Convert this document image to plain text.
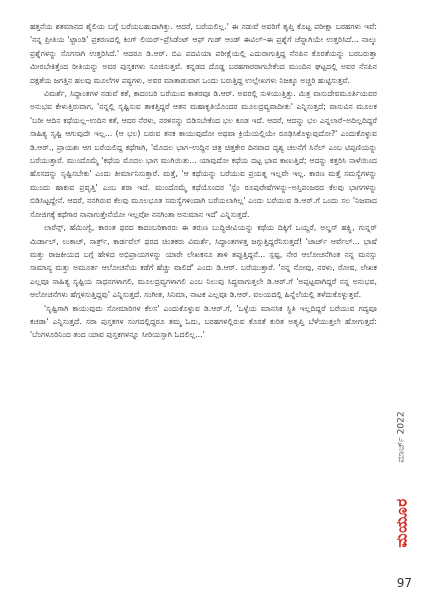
ಹತ್ತನೆಯ ಶತಮಾನದ ಶೈಲಿಯ ಬಗ್ಗೆ ಬರೆಯಬಹುದಾಗಿತ್ತು. ಆದರೆ, ಬರೆಯಲಿಲ್ಲ.' ಈ ನಡುವೆ ಅವರಿಗೆ ತೃಪ್ತಿ ಕೊಟ್ಟ ಪರೀಕ್ಷಾ ಬರಹಗಳು ಇವೆ: 'ನನ್ನ ಪ್ರೀತಿಯ 'ಟ್ಟಾಂಡಿ' ಪ್ರಕರಣದಲ್ಲಿ ಕಿಂಗ್ ಲಿಯರ್–ಪ್ರೆಸಿಡೆಂಟ್ ಆಫ್ ಗುಡ್ ಆಂಡ್ ಈವಿಲ್–ಈ ಪ್ರಶ್ನೆಗೆ ಚೆನ್ನಾಗಿಯೇ ಉತ್ತರಿಸಿದೆ... ನಾಲ್ಕು ಪ್ರಶ್ನೆಗಳನ್ನು ಸೊಗಸಾಗಿ ಉತ್ತರಿಸಿದೆ.' ಆದರೂ ಡಿ.ಆರ್. ಬಿಎ ಪದವಿಯಾ ಪರೀಕ್ಷೆಯಲ್ಲಿ ಎದುರಾಗುತ್ತಿದ್ದ ನೆನಪಿನ ಕೊರತೆಯನ್ನು ಬರಬರುತ್ತಾ ಮೀರಬೇಕಿತ್ತೆಂದ ರೀತಿಯನ್ನು ಅವರ ಪುಸ್ತಕಗಳು ಸೂಚಿಸುತ್ತವೆ. ಕನ್ನಡದ ದೊಡ್ಡ ಬರಹಗಾರರಾಗಬೇಕೆಂದ ಮುಂದಿನ ಘಟ್ಟದಲ್ಲಿ ಅವರ ನೆನಪಿನ ದಕ್ಷತೆಯ ಜಗತ್ತಿನ ಹಲವು ಮೂಲೆಗಳ ಪಠ್ಯಗಳು, ಅವರ ಮಾತಾಡುವಾಗ ಒಂದು ಬರುತ್ತಿದ್ದ ಉಲ್ಲೇಖಗಳು ನಿಜಕ್ಕೂ ಅಚ್ಚರಿ ಹುಟ್ಟಿಸುತ್ತವೆ.

ವಿಮರ್ಶೆ, ಸಿದ್ಧಾಂತಗಳ ನಡುವೆ ಕತೆ, ಕಾದಂಬರಿ ಬರೆಯುವ ಕಾತರವೂ ಡಿ.ಆರ್. ಅವರಲ್ಲಿ ಸುಳಿಯುತ್ತಿತ್ತು. ಮಿತ್ರ ವಾಸುದೇವಮೂರ್ತಿಯವರ ಅನುಭವ ಕೇಳುತ್ತಿರುವಾಗ, 'ನನ್ನಲ್ಲಿ ಸೃಷ್ಟಿಸುವ ತಾಕತ್ತಿದ್ದರೆ ಆತನ ಮಹಾಕೃತಿಯೊಂದರ ಮೂಲದ್ರವ್ಯವಾದೀತು' ಎನ್ನಿಸುತ್ತದೆ; ವಾಸುವಿನ ಮೂಲಕ 'ಬರೀ ಆದಿನ ಕಥೆಯಲ್ಲ–ಉದಿನ ಕತೆ, ಆದರ ನೆರಳು, ನರಳಿನನ್ನು ಬಿಡಿಸಬೇಕೆಂದ ಭಲ ಕೂಡ ಇದೆ. ಆದರೆ, ಆದನ್ನು ಭಲ ಎನ್ನಲಾರೆ–ಅದಿಲ್ಲದಿದ್ದರೆ ಸಾಹಿತ್ಯ ಸೃಷ್ಟಿ ಆಗುವುದೇ ಇಲ್ಲ... (ಆ ಭಲ) ಬರುವ ತನಕ ಕಾಯುವುದೋ ಅಥವಾ ಕ್ರಿಯೆಯಲ್ಲಿಯೇ ರೂಢಿಸಿಕೊಳ್ಳುವುದೋ?' ಎಂದುಕೊಳ್ಳುವ ಡಿ.ಆರ್., ಪ್ರಾಯಶಃ ಆಗ ಬರೆಯಲಿದ್ದ ಕಥೆಗಾಗಿ, 'ಮೊದಲ ಭಾಗ–ಉದ್ದಿನ ಚಿತ್ರ ಚಿತ್ತಕೇರ ದಿನವಾದ ದೃಶ್ಯ ಚಲನೆಗೆ ಸಿನೆಲ್ ಎಂಬ ಟಿಪ್ಪಣಿಯನ್ನು ಬರೆಯುತ್ತಾರೆ. ಮುಂದೊಮ್ಮೆ 'ಕಥೆಯ ಮೊದಲ ಭಾಗ ಮುಗಿಯಿತು... ಯಾವುದೋ ಕಥೆಯ ದಟ್ಟ ಭಾವ ಕಾಣುತ್ತಿದೆ; ಆದನ್ನು ಕತ್ತರಿಸಿ ನಾಳೆಯಿಂದ ಹೊಸದನ್ನು ಸೃಷ್ಟಿಸಬೇಕು' ಎಂದು ತೀರ್ಮಾನಿಸುತ್ತಾರೆ. ಮತ್ತೆ, 'ಆ ಕಥೆಯನ್ನು ಬರೆಯುವ ಪ್ರಯತ್ನ ಇಲ್ಲವೇ ಇಲ್ಲ. ಕಾರಣ ಮತ್ತೆ ಸಮಸ್ಯೆಗಳನ್ನು ಮುಂದು ಹಾಕುವ ಪ್ರವೃತ್ತಿ' ಎಂಬ ಶರಾ ಇದೆ. ಮುಂದೊಮ್ಮೆ ಕಥೆಯೊಂದರ 'ಸ್ಪೆಂ ರೂಪುರೇಷೆಗಳನ್ನು–ಅಸ್ತಿಪಂಜರದ ಕೆಲವು ಭಾಗಗಳನ್ನು ಬಿಡಿಸಿಟ್ಟದ್ದೇನೆ. ಆದರೆ, ನನಗಿರುವ ಕೆಲವು ಮೂಲಭೂತ ಸಮಸ್ಯೆಗಳಿಂದಾಗಿ ಬರೆಯಲಾಗಿಲ್ಲ' ಎಂದು ಬರೆಯುವ ಡಿ.ಆರ್.ಗೆ ಒಂದು ಸಲ 'ನಿಜವಾದ ಸೋಜಿಗಕ್ಕೆ ಕಥೆಗಾರ ನಾನಾಗುತ್ತೇನೆಯೋ ಇಲ್ಲವೋ ನನಗಿಂತಾ ಅನುಮಾನ ಇದೆ' ಎನ್ನಿಸುತ್ತದೆ.

ಲಾರೆನ್ಸ್, ಹೆಮಿಂಗ್ವೆ, ಕಾರಂತ ಥರದ ಕಾದಂಬರಿಕಾರರು ಈ ತರುಣ ಬುದ್ಧಿಜೀವಿಯನ್ನು ಕಥೆಯ ದಿಕ್ಕಿಗೆ ಒಯ್ದರೆ, ಅಲ್ಡಸ್ ಹಕ್ಸ್ಲಿ, ಗುನ್ನರ್ ಮಿರ್ಡಾಲ್, ಲುಕಾಚ್, ಸಾರ್ತ್ರ್, ಕಾರ್ಡವೆಲ್ ಥರದ ಚಿಂತಕರು ವಿಮರ್ಶೆ, ಸಿದ್ಧಾಂತಗಳತ್ತ ಜಗ್ಗುತ್ತಿದ್ದರೆನಿಸುತ್ತದೆ! 'ಜಾರ್ಜ್ ಆರ್ವೆಲ್... ಭಾಷೆ ಮತ್ತು ರಾಜಕೀಯದ ಬಗ್ಗೆ ಹೇಳಿದ ಅಭಿಪ್ರಾಯಗಳನ್ನು ಯಾರೇ ಲೇಖಕನೂ ತಾಳಿ ತಪ್ಪುತ್ತಿದ್ದನೆ... ಸ್ಪಷ್ಟ, ನೇರ ಆಲೋಚನೆಗಿಂತ ನನ್ನ ಮನಸ್ಸು ಸಾಮಾನ್ಯ ಮತ್ತು ಅಮೂರ್ತ ಆಲೋಚನೆಯ ಕಡೆಗೆ ಹೆಚ್ಚು ವಾಲಿದೆ' ಎಂದು ಡಿ.ಆರ್. ಬರೆಯುತ್ತಾರೆ. 'ನನ್ನ ನೋವು, ನರಳು, ರೋಷ, ಲೇಖಕ ಎಲ್ಲವೂ ಸಾಹಿತ್ಯ ಸೃಷ್ಟಿಯ ಸಾಧನಗಳಾಗಲಿ, ಮೂಲದ್ರವ್ಯಗಳಾಗಲಿ ಎಂಬ ನಿಲುವು ಸಿದ್ಧವಾಗುತ್ತಲೇ ಡಿ.ಆರ್.ಗೆ 'ಅಪ್ಪಟ್ಟವಾಗಿದ್ದರೆ ನನ್ನ ಅನುಭವ, ಆಲೋಚನೆಗಳು ಹೆಗ್ಗಳಿಸುತ್ತಿದ್ದವು' ಎನ್ನಿಸುತ್ತದೆ. ಸಂಗೀತ, ಸಿನಿಮಾ, ನಾಟಕ ಎಲ್ಲವೂ ಡಿ.ಆರ್. ವಲಯದಲ್ಲಿ ಹಿನ್ನೆಲೆಯಲ್ಲಿ ತಳೆದುಕೊಳ್ಳುತ್ತವೆ.

'ಸೃಷ್ಟಿಗಾಗಿ ಕಾಯುವುದು ಸೋಮಾರಿಗಳ ಕೆಲಸ' ಎಂದುಕೊಳ್ಳುವ ಡಿ.ಆರ್.ಗೆ, 'ಒಳ್ಳೆಯ ಮಾನಸಿಕ ಸ್ಥಿತಿ ಇಲ್ಲದಿದ್ದರೆ ಬರೆಯುವ ಗದ್ಯವೂ ಕಚಡಾ' ಎನ್ನಿಸುತ್ತದೆ. ಸರಾ ಪುಸ್ತಕಗಳ ಸಂಗದಲ್ಲಿದ್ದರೂ ತಮ್ಮ ಓದು, ಬರಹಗಳಲ್ಲಿರುವ ಕೊರತೆ ಕುರಿತ ಅತೃಪ್ತಿ ಬೆಳೆಯುತ್ತಲೇ ಹೋಗುತ್ತದೆ: 'ಬೆಂಗಳೂರಿನಿಂದ ತಂದ ಯಾವ ಪುಸ್ತಕಗಳನ್ನೂ ಸೀರಿಯಸ್ಸಾಗಿ ಓದಲಿಲ್ಲ...'

ಮಾರ್ಚ್ 2022
ಮಯೂರ
97
